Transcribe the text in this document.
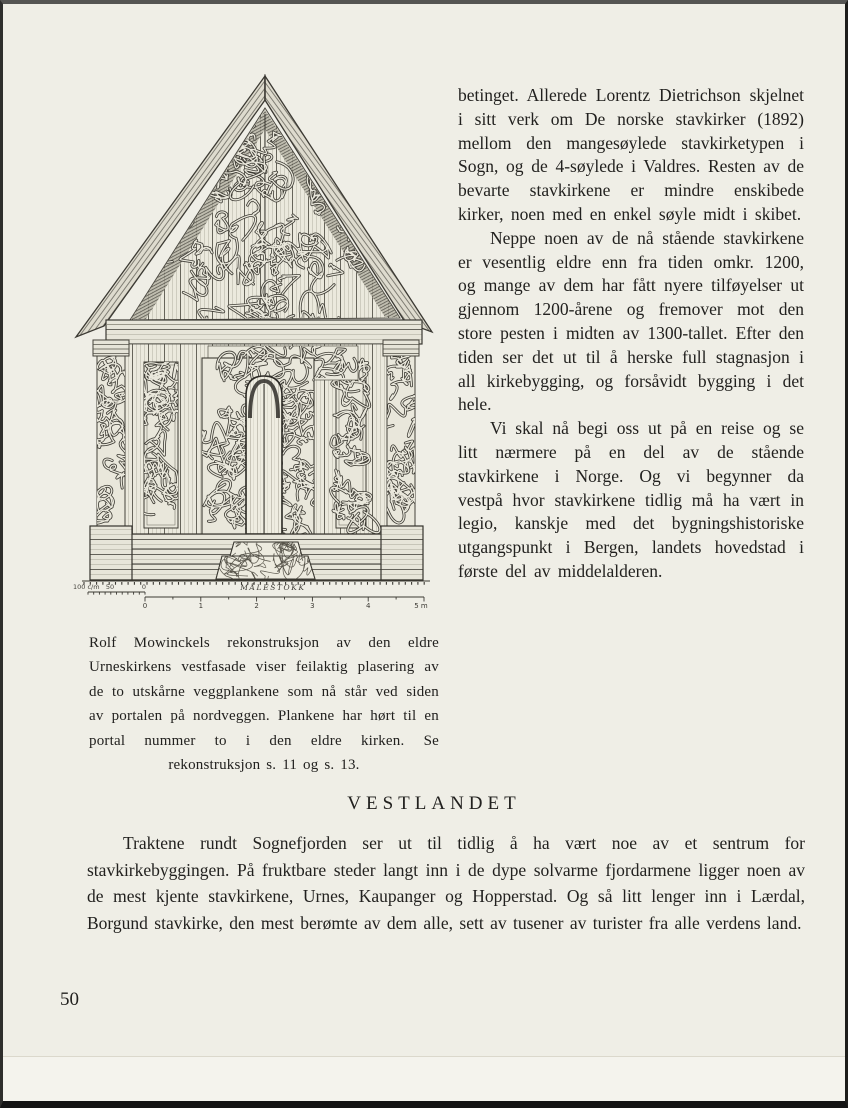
100 c/m 50	0	MÅLESTOKK
0	1	2	3	4	5 m

Rolf Mowinckels rekonstruksjon av den eldre Urneskirkens vestfasade viser feilaktig plasering av de to utskårne veggplankene som nå står ved siden av portalen på nordveggen. Plankene har hørt til en portal nummer to i den eldre kirken. Se rekonstruksjon s. 11 og s. 13.

betinget. Allerede Lorentz Dietrichson skjelnet i sitt verk om De norske stavkirker (1892) mellom den mangesøylede stavkirketypen i Sogn, og de 4-søylede i Valdres. Resten av de bevarte stavkirkene er mindre enskibede kirker, noen med en enkel søyle midt i skibet.

Neppe noen av de nå stående stavkirkene er vesentlig eldre enn fra tiden omkr. 1200, og mange av dem har fått nyere tilføyelser ut gjennom 1200-årene og fremover mot den store pesten i midten av 1300-tallet. Efter den tiden ser det ut til å herske full stagnasjon i all kirkebygging, og forsåvidt bygging i det hele.

Vi skal nå begi oss ut på en reise og se litt nærmere på en del av de stående stavkirkene i Norge. Og vi begynner da vestpå hvor stavkirkene tidlig må ha vært in legio, kanskje med det bygningshistoriske utgangspunkt i Bergen, landets hovedstad i første del av middelalderen.

VESTLANDET

Traktene rundt Sognefjorden ser ut til tidlig å ha vært noe av et sentrum for stavkirkebyggingen. På fruktbare steder langt inn i de dype solvarme fjordarmene ligger noen av de mest kjente stavkirkene, Urnes, Kaupanger og Hopperstad. Og så litt lenger inn i Lærdal, Borgund stavkirke, den mest berømte av dem alle, sett av tusener av turister fra alle verdens land.

50
